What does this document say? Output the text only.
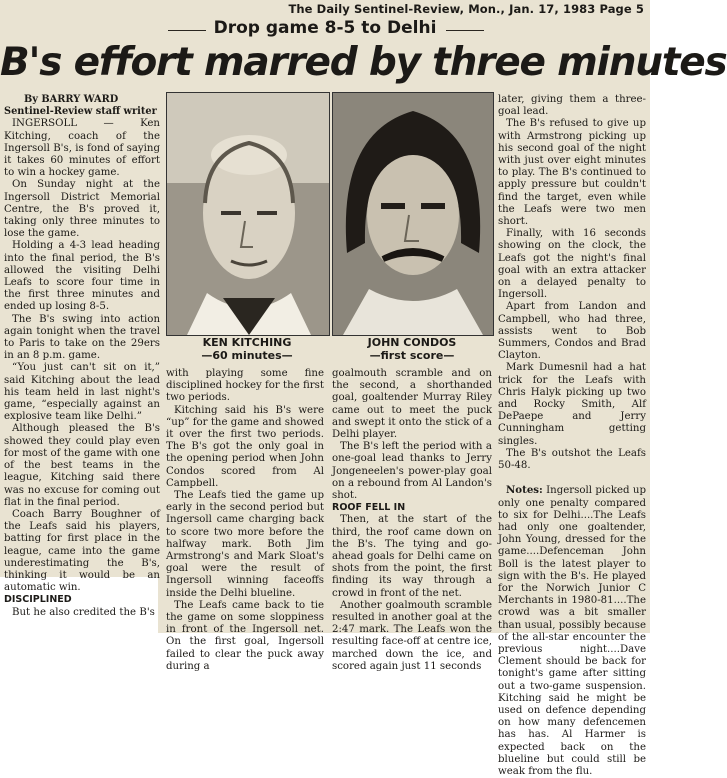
The Daily Sentinel-Review, Mon., Jan. 17, 1983 Page 5
Drop game 8-5 to Delhi
B's effort marred by three minutes

By BARRY WARD

Sentinel-Review staff writer

INGERSOLL — Ken Kitching, coach of the Ingersoll B's, is fond of saying it takes 60 minutes of effort to win a hockey game.

On Sunday night at the Ingersoll District Memorial Centre, the B's proved it, taking only three minutes to lose the game.

Holding a 4-3 lead heading into the final period, the B's allowed the visiting Delhi Leafs to score four time in the first three minutes and ended up losing 8-5.

The B's swing into action again tonight when the travel to Paris to take on the 29ers in an 8 p.m. game.

“You just can't sit on it,” said Kitching about the lead his team held in last night's game, “especially against an explosive team like Delhi.”

Although pleased the B's showed they could play even for most of the game with one of the best teams in the league, Kitching said there was no excuse for coming out flat in the final period.

Coach Barry Boughner of the Leafs said his players, batting for first place in the league, came into the game underestimating the B's, thinking it would be an automatic win.

DISCIPLINED

But he also credited the B's

KEN KITCHING
—60 minutes—
JOHN CONDOS
—first score—

with playing some fine disciplined hockey for the first two periods.

Kitching said his B's were “up” for the game and showed it over the first two periods. The B's got the only goal in the opening period when John Condos scored from Al Campbell.

The Leafs tied the game up early in the second period but Ingersoll came charging back to score two more before the halfway mark. Both Jim Armstrong's and Mark Sloat's goal were the result of Ingersoll winning faceoffs inside the Delhi blueline.

The Leafs came back to tie the game on some sloppiness in front of the Ingersoll net. On the first goal, Ingersoll failed to clear the puck away during a

goalmouth scramble and on the second, a shorthanded goal, goaltender Murray Riley came out to meet the puck and swept it onto the stick of a Delhi player.

The B's left the period with a one-goal lead thanks to Jerry Jongeneelen's power-play goal on a rebound from Al Landon's shot.

ROOF FELL IN

Then, at the start of the third, the roof came down on the B's. The tying and go-ahead goals for Delhi came on shots from the point, the first finding its way through a crowd in front of the net.

Another goalmouth scramble resulted in another goal at the 2:47 mark. The Leafs won the resulting face-off at centre ice, marched down the ice, and scored again just 11 seconds

later, giving them a three-goal lead.

The B's refused to give up with Armstrong picking up his second goal of the night with just over eight minutes to play. The B's continued to apply pressure but couldn't find the target, even while the Leafs were two men short.

Finally, with 16 seconds showing on the clock, the Leafs got the night's final goal with an extra attacker on a delayed penalty to Ingersoll.

Apart from Landon and Campbell, who had three, assists went to Bob Summers, Condos and Brad Clayton.

Mark Dumesnil had a hat trick for the Leafs with Chris Halyk picking up two and Rocky Smith, Alf DePaepe and Jerry Cunningham getting singles.

The B's outshot the Leafs 50-48.

Notes: Ingersoll picked up only one penalty compared to six for Delhi....The Leafs had only one goaltender, John Young, dressed for the game....Defenceman John Boll is the latest player to sign with the B's. He played for the Norwich Junior C Merchants in 1980-81....The crowd was a bit smaller than usual, possibly because of the all-star encounter the previous night....Dave Clement should be back for tonight's game after sitting out a two-game suspension. Kitching said he might be used on defence depending on how many defencemen has has. Al Harmer is expected back on the blueline but could still be weak from the flu.
